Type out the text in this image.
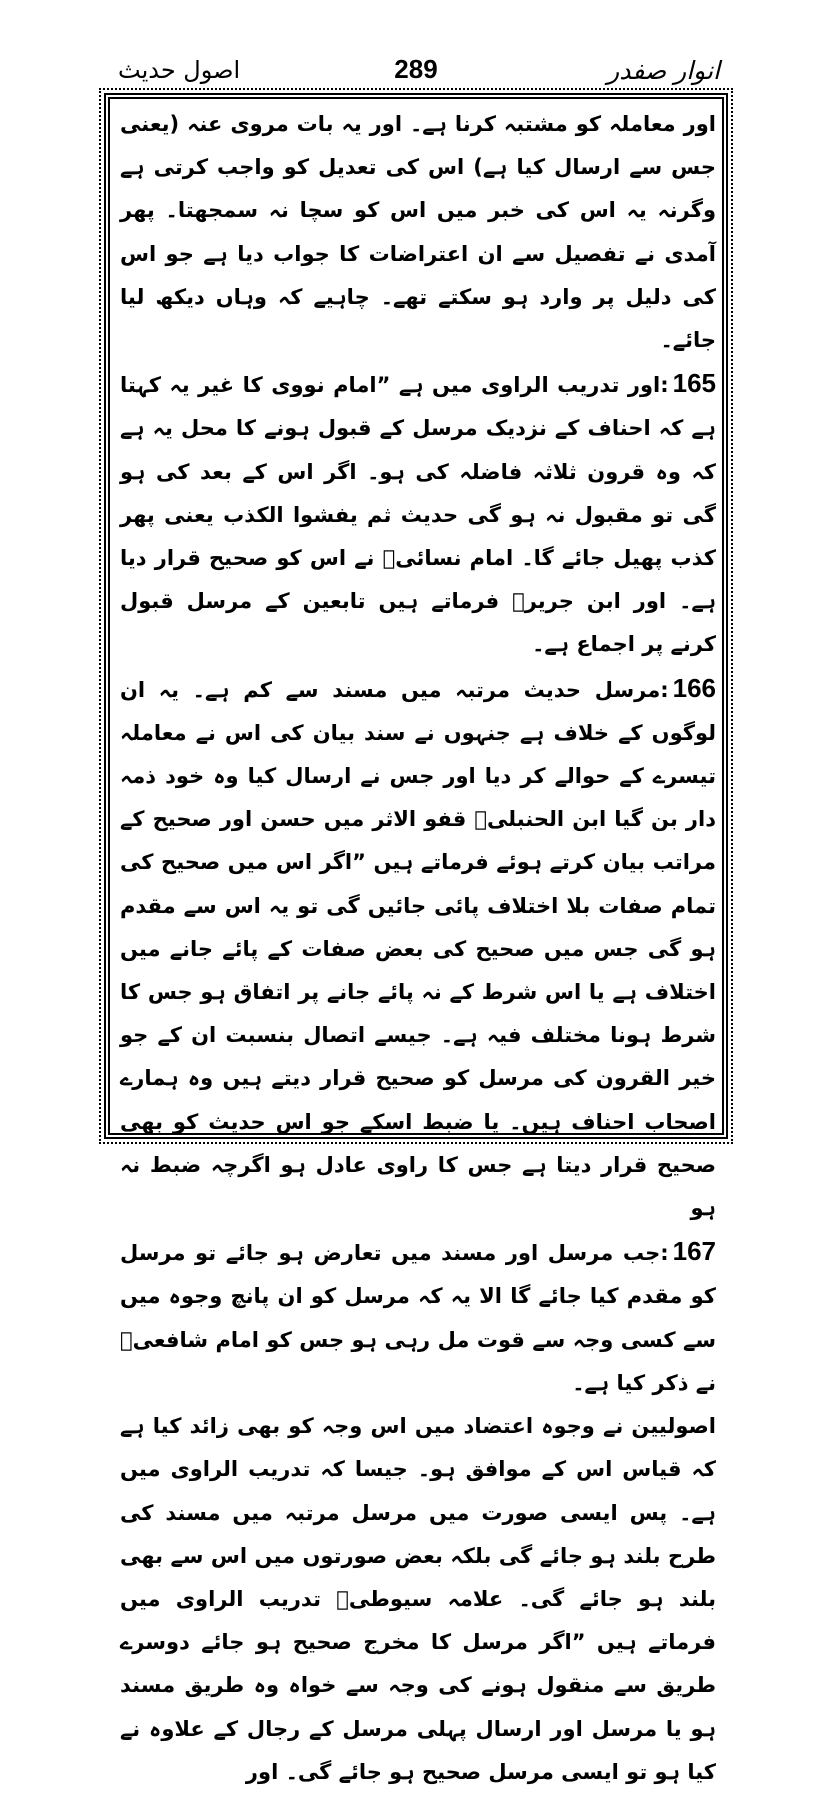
انوار صفدر
289
اصول حدیث

اور معاملہ کو مشتبہ کرنا ہے۔ اور یہ بات مروی عنہ (یعنی جس سے ارسال کیا ہے) اس کی تعدیل کو واجب کرتی ہے وگرنہ یہ اس کی خبر میں اس کو سچا نہ سمجھتا۔ پھر آمدی نے تفصیل سے ان اعتراضات کا جواب دیا ہے جو اس کی دلیل پر وارد ہو سکتے تھے۔ چاہیے کہ وہاں دیکھ لیا جائے۔

165:اور تدریب الراوی میں ہے ”امام نووی کا غیر یہ کہتا ہے کہ احناف کے نزدیک مرسل کے قبول ہونے کا محل یہ ہے کہ وہ قرون ثلاثہ فاضلہ کی ہو۔ اگر اس کے بعد کی ہو گی تو مقبول نہ ہو گی حدیث ثم یفشوا الکذب یعنی پھر کذب پھیل جائے گا۔ امام نسائیؒ نے اس کو صحیح قرار دیا ہے۔ اور ابن جریرؒ فرماتے ہیں تابعین کے مرسل قبول کرنے پر اجماع ہے۔

166:مرسل حدیث مرتبہ میں مسند سے کم ہے۔ یہ ان لوگوں کے خلاف ہے جنہوں نے سند بیان کی اس نے معاملہ تیسرے کے حوالے کر دیا اور جس نے ارسال کیا وہ خود ذمہ دار بن گیا ابن الحنبلیؒ قفو الاثر میں حسن اور صحیح کے مراتب بیان کرتے ہوئے فرماتے ہیں ”اگر اس میں صحیح کی تمام صفات بلا اختلاف پائی جائیں گی تو یہ اس سے مقدم ہو گی جس میں صحیح کی بعض صفات کے پائے جانے میں اختلاف ہے یا اس شرط کے نہ پائے جانے پر اتفاق ہو جس کا شرط ہونا مختلف فیہ ہے۔ جیسے اتصال بنسبت ان کے جو خیر القرون کی مرسل کو صحیح قرار دیتے ہیں وہ ہمارے اصحاب احناف ہیں۔ یا ضبط اسکے جو اس حدیث کو بھی صحیح قرار دیتا ہے جس کا راوی عادل ہو اگرچہ ضبط نہ ہو

167:جب مرسل اور مسند میں تعارض ہو جائے تو مرسل کو مقدم کیا جائے گا الا یہ کہ مرسل کو ان پانچ وجوہ میں سے کسی وجہ سے قوت مل رہی ہو جس کو امام شافعیؒ نے ذکر کیا ہے۔

اصولیین نے وجوہ اعتضاد میں اس وجہ کو بھی زائد کیا ہے کہ قیاس اس کے موافق ہو۔ جیسا کہ تدریب الراوی میں ہے۔ پس ایسی صورت میں مرسل مرتبہ میں مسند کی طرح بلند ہو جائے گی بلکہ بعض صورتوں میں اس سے بھی بلند ہو جائے گی۔ علامہ سیوطیؒ تدریب الراوی میں فرماتے ہیں ”اگر مرسل کا مخرج صحیح ہو جائے دوسرے طریق سے منقول ہونے کی وجہ سے خواہ وہ طریق مسند ہو یا مرسل اور ارسال پہلی مرسل کے رجال کے علاوہ نے کیا ہو تو ایسی مرسل صحیح ہو جائے گی۔ اور
